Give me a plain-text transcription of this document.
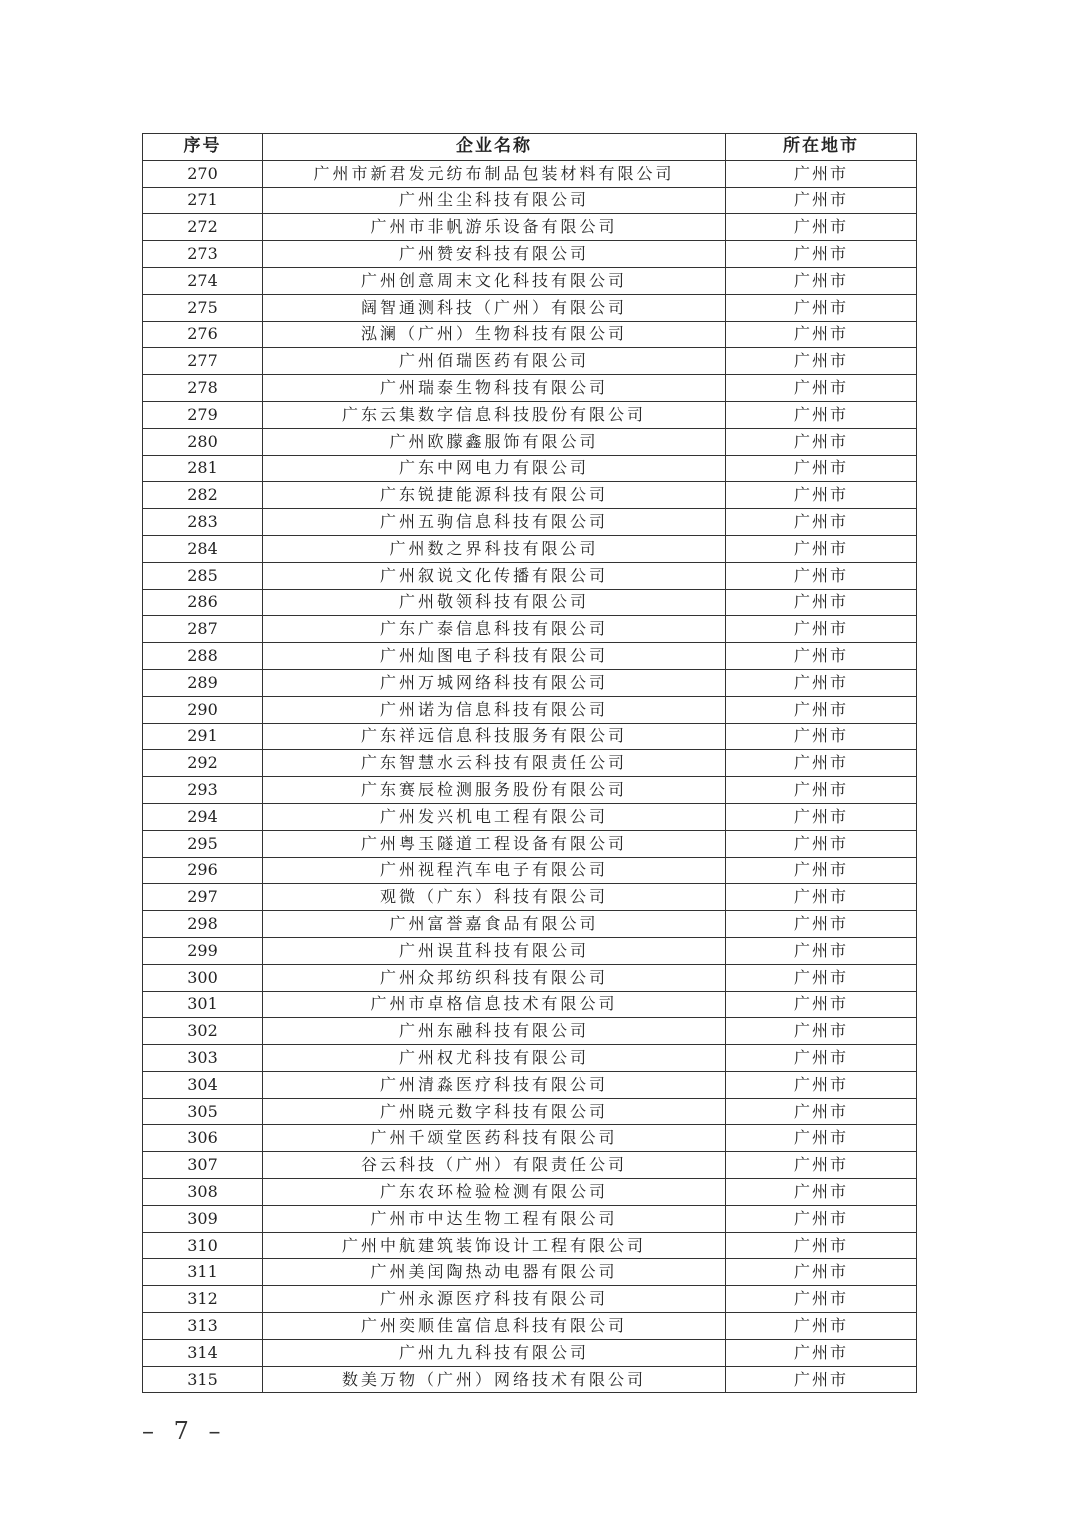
序号	企业名称	所在地市
270	广州市新君发元纺布制品包装材料有限公司	广州市
271	广州尘尘科技有限公司	广州市
272	广州市非帆游乐设备有限公司	广州市
273	广州赞安科技有限公司	广州市
274	广州创意周末文化科技有限公司	广州市
275	阔智通测科技（广州）有限公司	广州市
276	泓澜（广州）生物科技有限公司	广州市
277	广州佰瑞医药有限公司	广州市
278	广州瑞泰生物科技有限公司	广州市
279	广东云集数字信息科技股份有限公司	广州市
280	广州欧朦鑫服饰有限公司	广州市
281	广东中网电力有限公司	广州市
282	广东锐捷能源科技有限公司	广州市
283	广州五驹信息科技有限公司	广州市
284	广州数之界科技有限公司	广州市
285	广州叙说文化传播有限公司	广州市
286	广州敬领科技有限公司	广州市
287	广东广泰信息科技有限公司	广州市
288	广州灿图电子科技有限公司	广州市
289	广州万城网络科技有限公司	广州市
290	广州诺为信息科技有限公司	广州市
291	广东祥远信息科技服务有限公司	广州市
292	广东智慧水云科技有限责任公司	广州市
293	广东赛辰检测服务股份有限公司	广州市
294	广州发兴机电工程有限公司	广州市
295	广州粤玉隧道工程设备有限公司	广州市
296	广州视程汽车电子有限公司	广州市
297	观微（广东）科技有限公司	广州市
298	广州富誉嘉食品有限公司	广州市
299	广州误苴科技有限公司	广州市
300	广州众邦纺织科技有限公司	广州市
301	广州市卓格信息技术有限公司	广州市
302	广州东融科技有限公司	广州市
303	广州权尤科技有限公司	广州市
304	广州清淼医疗科技有限公司	广州市
305	广州晓元数字科技有限公司	广州市
306	广州千颂堂医药科技有限公司	广州市
307	谷云科技（广州）有限责任公司	广州市
308	广东农环检验检测有限公司	广州市
309	广州市中达生物工程有限公司	广州市
310	广州中航建筑装饰设计工程有限公司	广州市
311	广州美闰陶热动电器有限公司	广州市
312	广州永源医疗科技有限公司	广州市
313	广州奕顺佳富信息科技有限公司	广州市
314	广州九九科技有限公司	广州市
315	数美万物（广州）网络技术有限公司	广州市
– 7 –
